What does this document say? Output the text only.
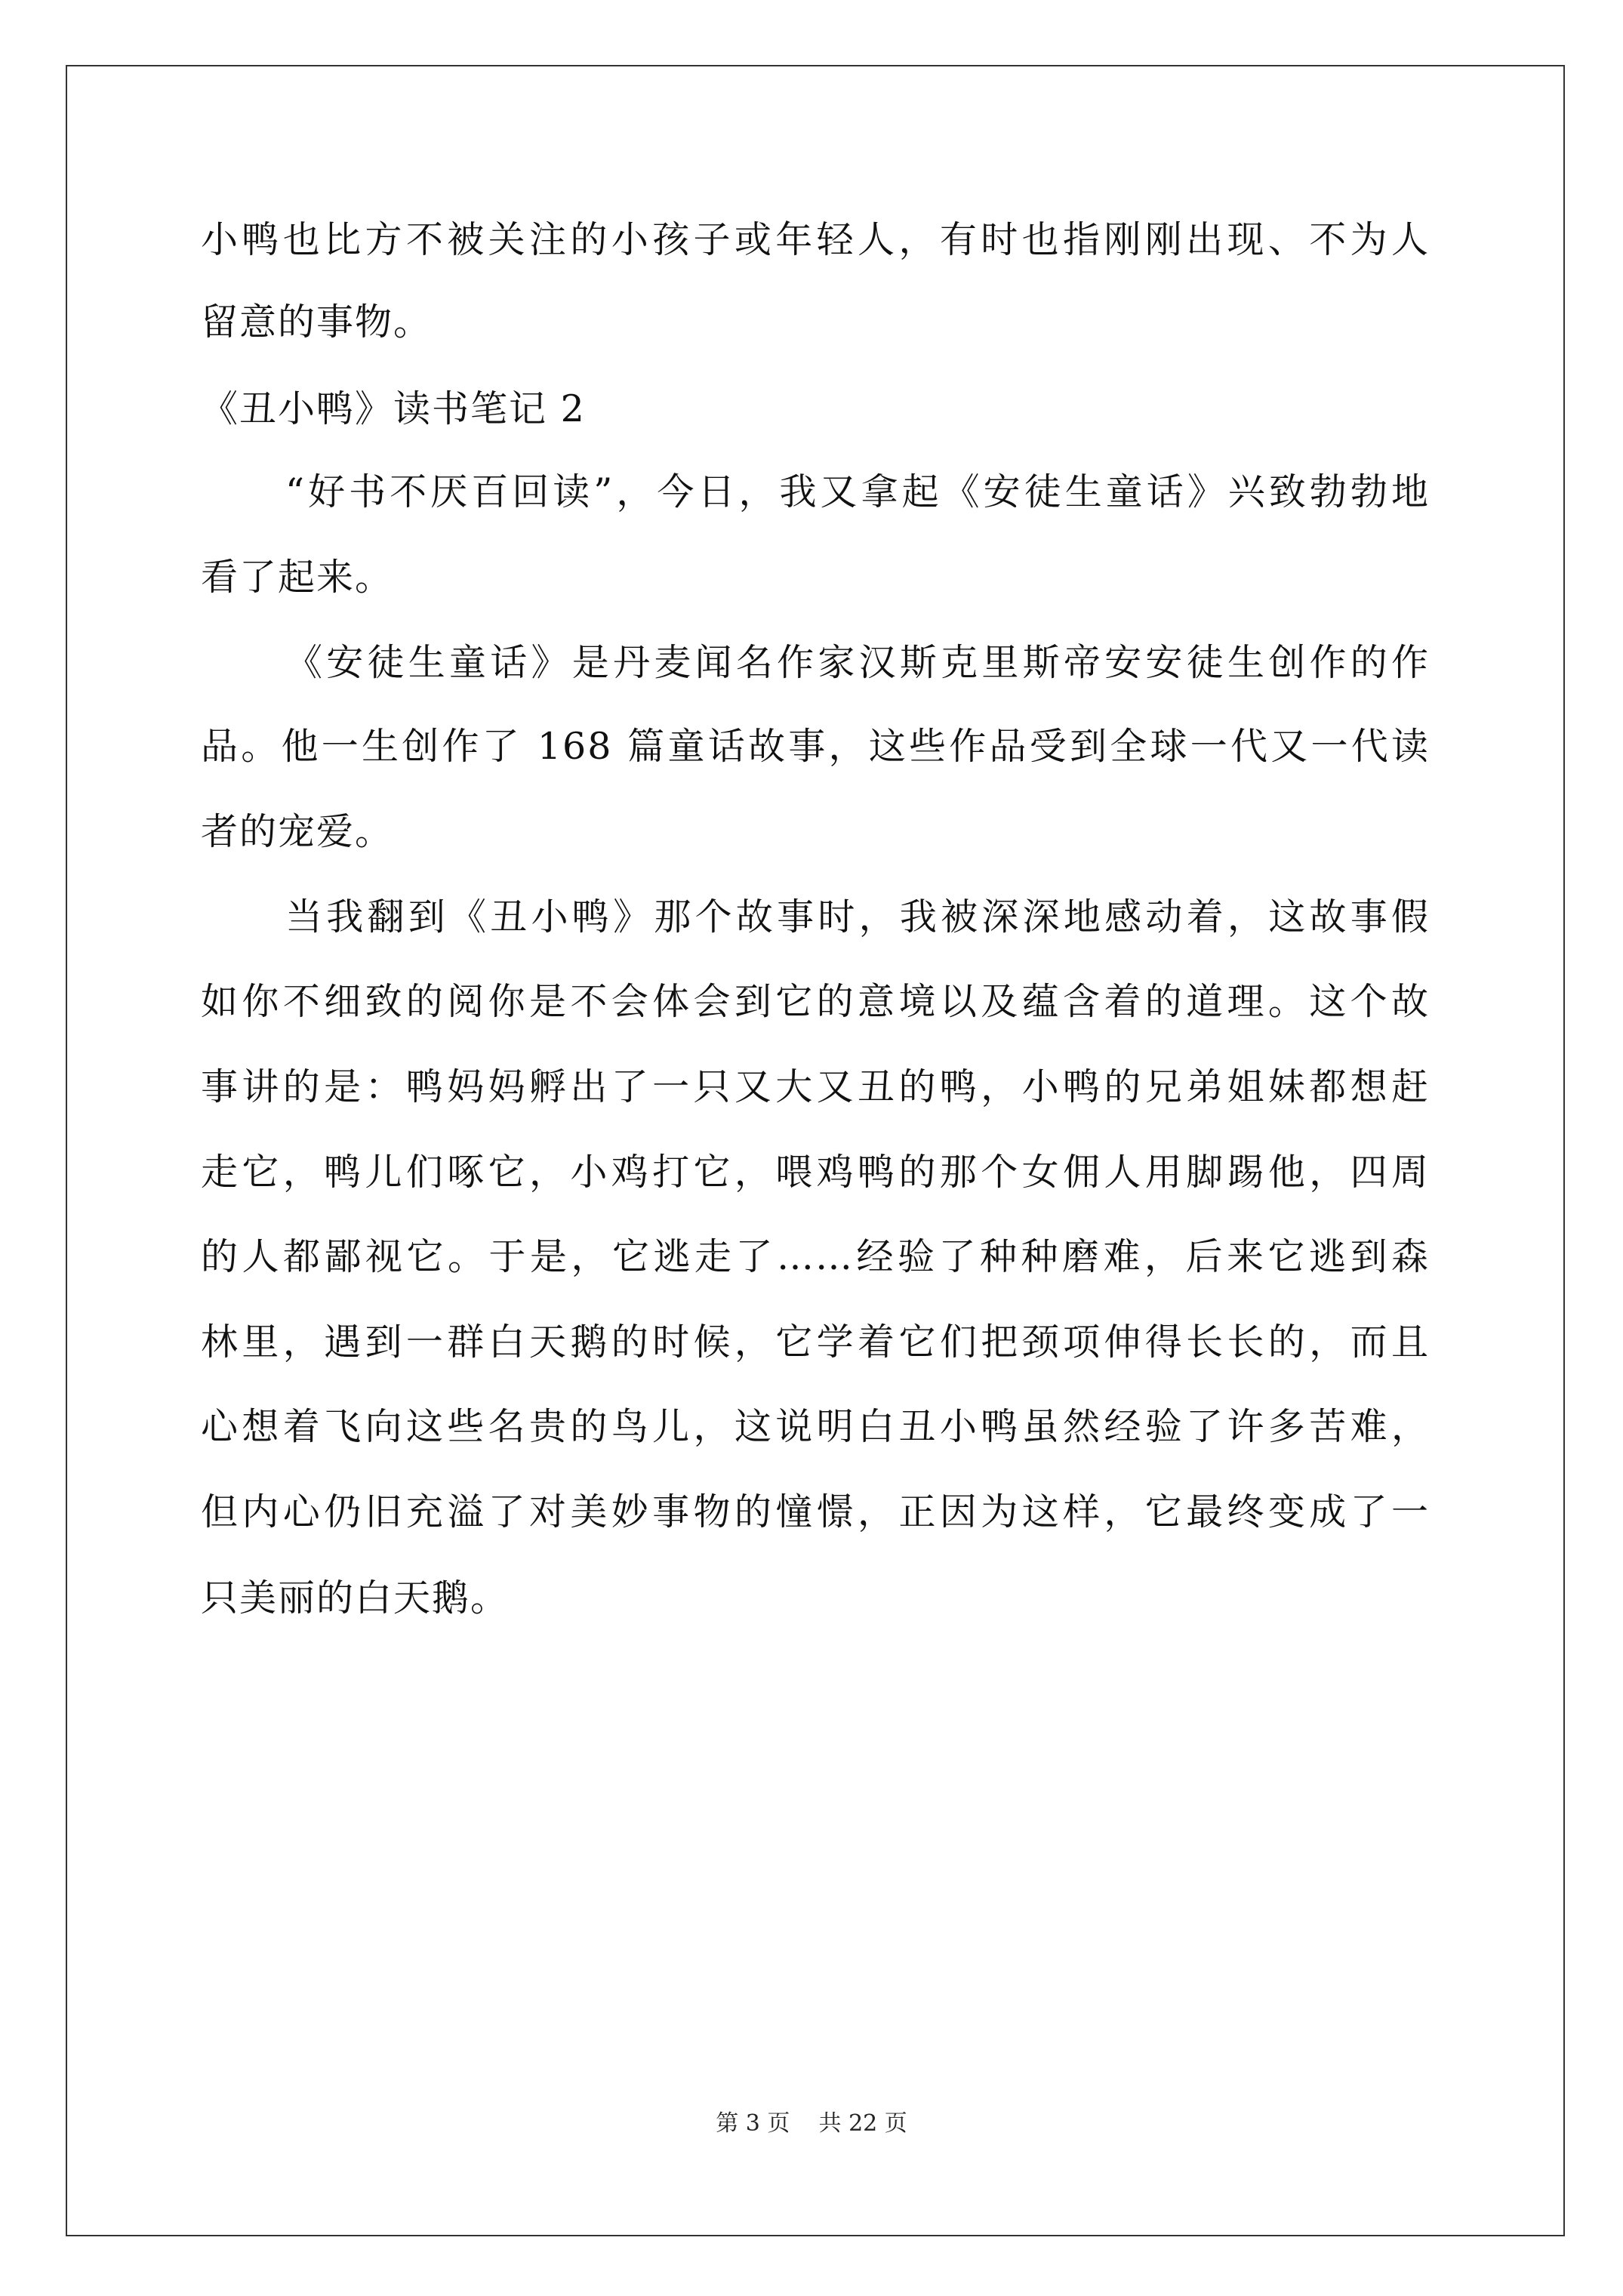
小鸭也比方不被关注的小孩子或年轻人，有时也指刚刚出现、不为人
留意的事物。
《丑小鸭》读书笔记 2
“好书不厌百回读”，今日，我又拿起《安徒生童话》兴致勃勃地
看了起来。
《安徒生童话》是丹麦闻名作家汉斯克里斯帝安安徒生创作的作
品。他一生创作了 168 篇童话故事，这些作品受到全球一代又一代读
者的宠爱。
当我翻到《丑小鸭》那个故事时，我被深深地感动着，这故事假
如你不细致的阅你是不会体会到它的意境以及蕴含着的道理。这个故
事讲的是：鸭妈妈孵出了一只又大又丑的鸭，小鸭的兄弟姐妹都想赶
走它，鸭儿们啄它，小鸡打它，喂鸡鸭的那个女佣人用脚踢他，四周
的人都鄙视它。于是，它逃走了……经验了种种磨难，后来它逃到森
林里，遇到一群白天鹅的时候，它学着它们把颈项伸得长长的，而且
心想着飞向这些名贵的鸟儿，这说明白丑小鸭虽然经验了许多苦难，
但内心仍旧充溢了对美妙事物的憧憬，正因为这样，它最终变成了一
只美丽的白天鹅。
第 3 页 共 22 页
